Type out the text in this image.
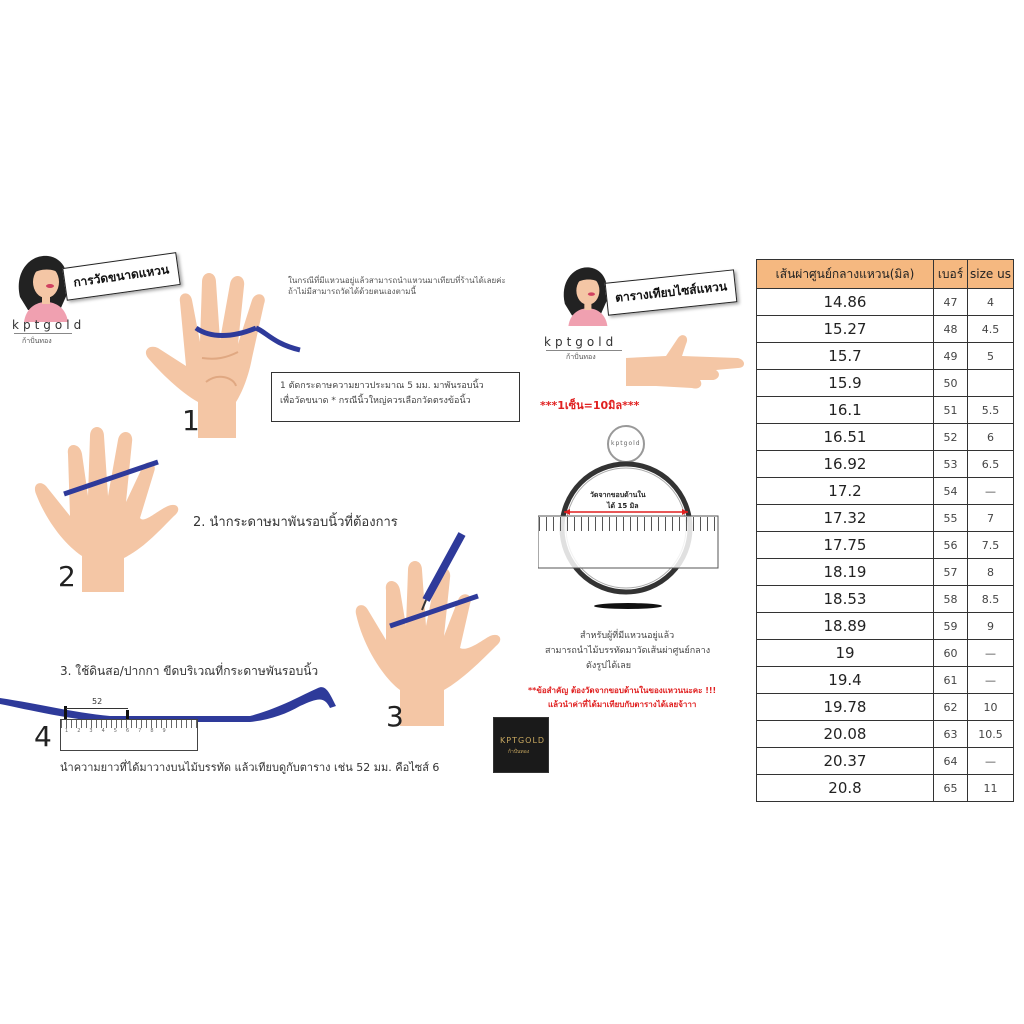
การวัดขนาดแหวน
kptgold
ก้าปั่นทอง
ในกรณีที่มีแหวนอยู่แล้วสามารถนำแหวนมาเทียบที่ร้านได้เลยค่ะ
ถ้าไม่มีสามารถวัดได้ด้วยตนเองตามนี้
1
1 ตัดกระดาษความยาวประมาณ 5 มม. มาพันรอบนิ้ว
เพื่อวัดขนาด * กรณีนิ้วใหญ่ควรเลือกวัดตรงข้อนิ้ว
2
2. นำกระดาษมาพันรอบนิ้วที่ต้องการ
3
3. ใช้ดินสอ/ปากกา ขีดบริเวณที่กระดาษพันรอบนิ้ว
52
123456789
4
นำความยาวที่ได้มาวางบนไม้บรรทัด แล้วเทียบดูกับตาราง เช่น 52 มม. คือไซส์ 6
ตารางเทียบไซส์แหวน
kptgold
ก้าปั่นทอง
***1เซ็น=10มิล***
kptgold
วัดจากขอบด้านใน
ได้ 15 มิล
สำหรับผู้ที่มีแหวนอยู่แล้ว
สามารถนำไม้บรรทัดมาวัดเส้นผ่าศูนย์กลาง
ดังรูปได้เลย
**ข้อสำคัญ ต้องวัดจากขอบด้านในของแหวนนะคะ !!!
แล้วนำค่าที่ได้มาเทียบกับตารางได้เลยจ้าาา
KPTGOLD
ก้าปั่นทอง
เส้นผ่าศูนย์กลางแหวน(มิล)	เบอร์	size us
14.86	47	4
15.27	48	4.5
15.7	49	5
15.9	50	
16.1	51	5.5
16.51	52	6
16.92	53	6.5
17.2	54	—
17.32	55	7
17.75	56	7.5
18.19	57	8
18.53	58	8.5
18.89	59	9
19	60	—
19.4	61	—
19.78	62	10
20.08	63	10.5
20.37	64	—
20.8	65	11
